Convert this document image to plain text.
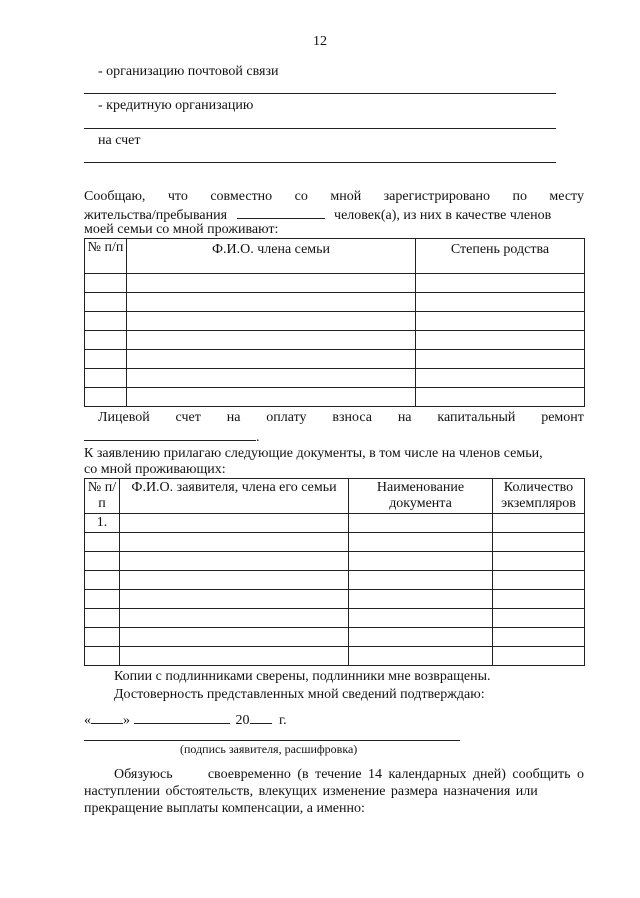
12
- организацию почтовой связи
- кредитную организацию
на счет
Сообщаю, что совместно со мной зарегистрировано по месту
жительства/пребывания	человек(а), из них в качестве членов
моей семьи со мной проживают:
№ п/п	Ф.И.О. члена семьи	Степень родства

Лицевой счет на оплату взноса на капитальный ремонт
.
К заявлению прилагаю следующие документы, в том числе на членов семьи,
со мной проживающих:
№ п/п	Ф.И.О. заявителя, члена его семьи	Наименование документа	Количество экземпляров
1.			

Копии с подлинниками сверены, подлинники мне возвращены.
Достоверность представленных мной сведений подтверждаю:
« »	20 г.
(подпись заявителя, расшифровка)
Обязуюсь	своевременно (в течение 14 календарных дней) сообщить о
наступлении обстоятельств, влекущих изменение размера назначения или
прекращение выплаты компенсации, а именно:
